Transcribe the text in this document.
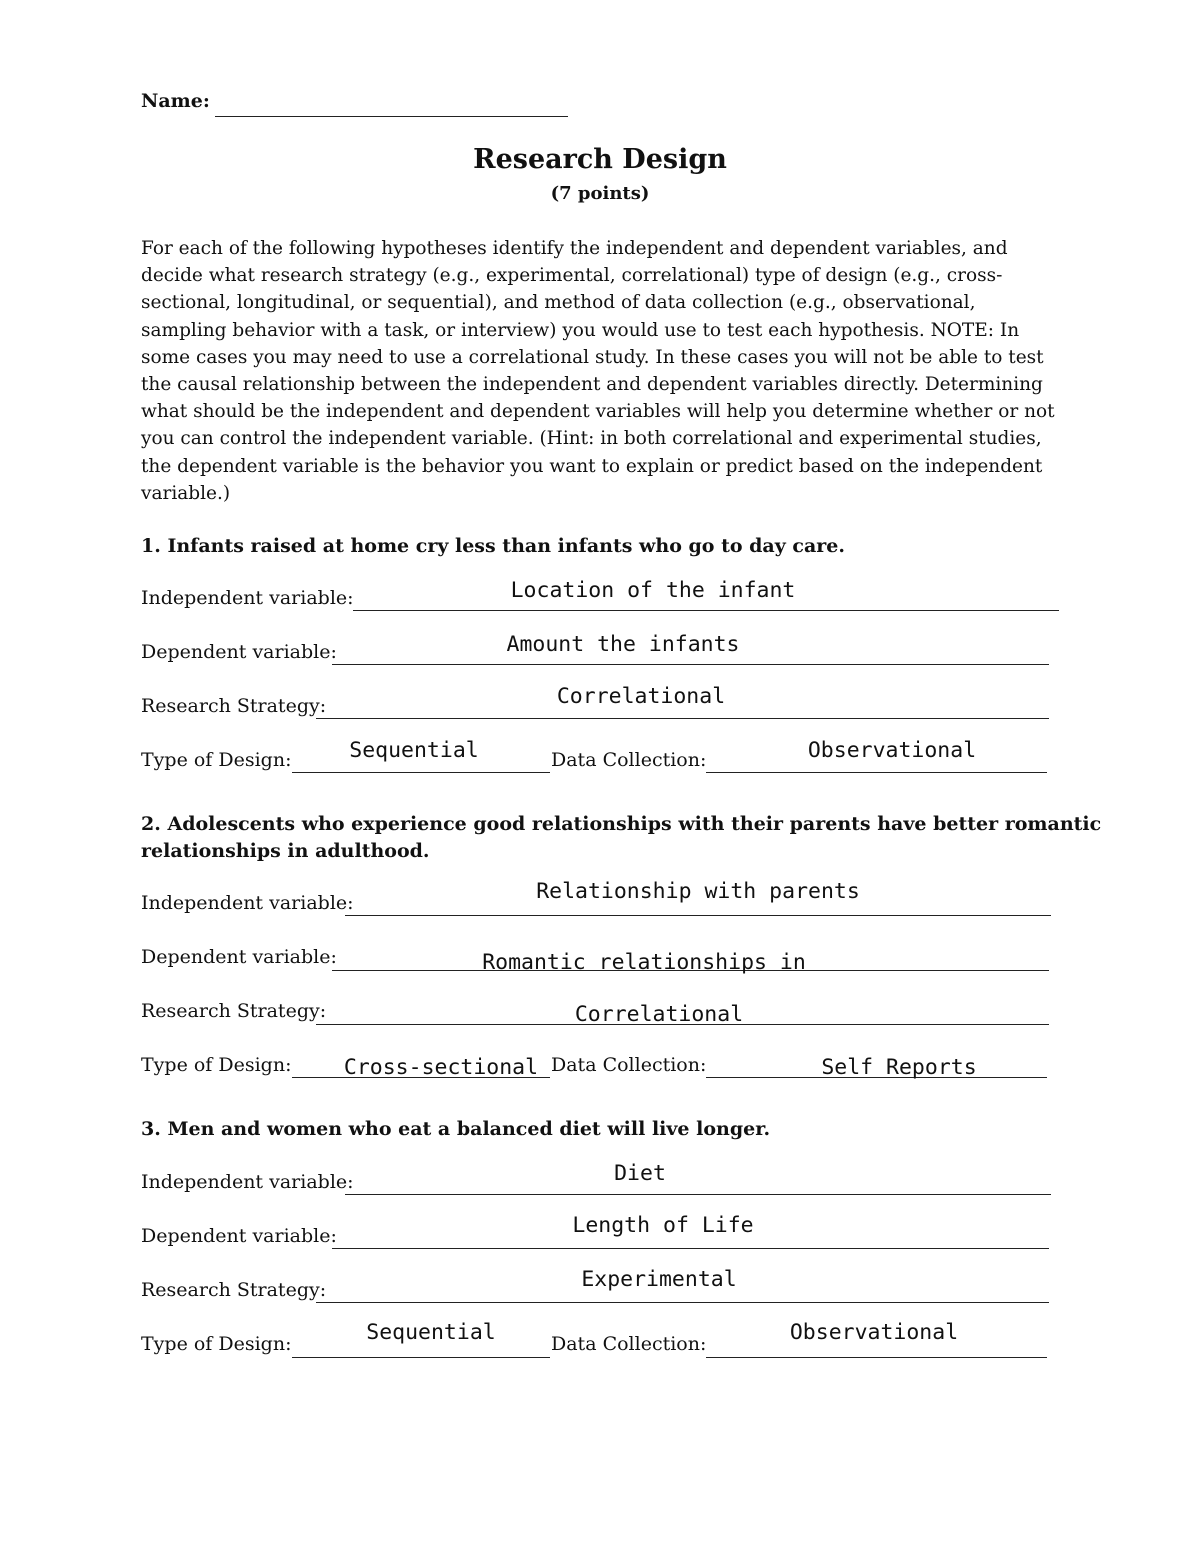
Name:
Research Design
(7 points)

For each of the following hypotheses identify the independent and dependent variables, and

decide what research strategy (e.g., experimental, correlational) type of design (e.g., cross-

sectional, longitudinal, or sequential), and method of data collection (e.g., observational,

sampling behavior with a task, or interview) you would use to test each hypothesis. NOTE: In

some cases you may need to use a correlational study. In these cases you will not be able to test

the causal relationship between the independent and dependent variables directly. Determining

what should be the independent and dependent variables will help you determine whether or not

you can control the independent variable. (Hint: in both correlational and experimental studies,

the dependent variable is the behavior you want to explain or predict based on the independent

variable.)

1. Infants raised at home cry less than infants who go to day care.

Independent variable:	Location of the infant
Dependent variable:	Amount the infants
Research Strategy:	Correlational
Type of Design:	Sequential	Data Collection:	Observational

2. Adolescents who experience good relationships with their parents have better romantic

relationships in adulthood.

Independent variable:	Relationship with parents
Dependent variable:	Romantic relationships in
Research Strategy:	Correlational
Type of Design:	Cross-sectional Data Collection:	Self Reports

3. Men and women who eat a balanced diet will live longer.

Independent variable:	Diet
Dependent variable:	Length of Life
Research Strategy:	Experimental
Type of Design:	Sequential	Data Collection:	Observational
